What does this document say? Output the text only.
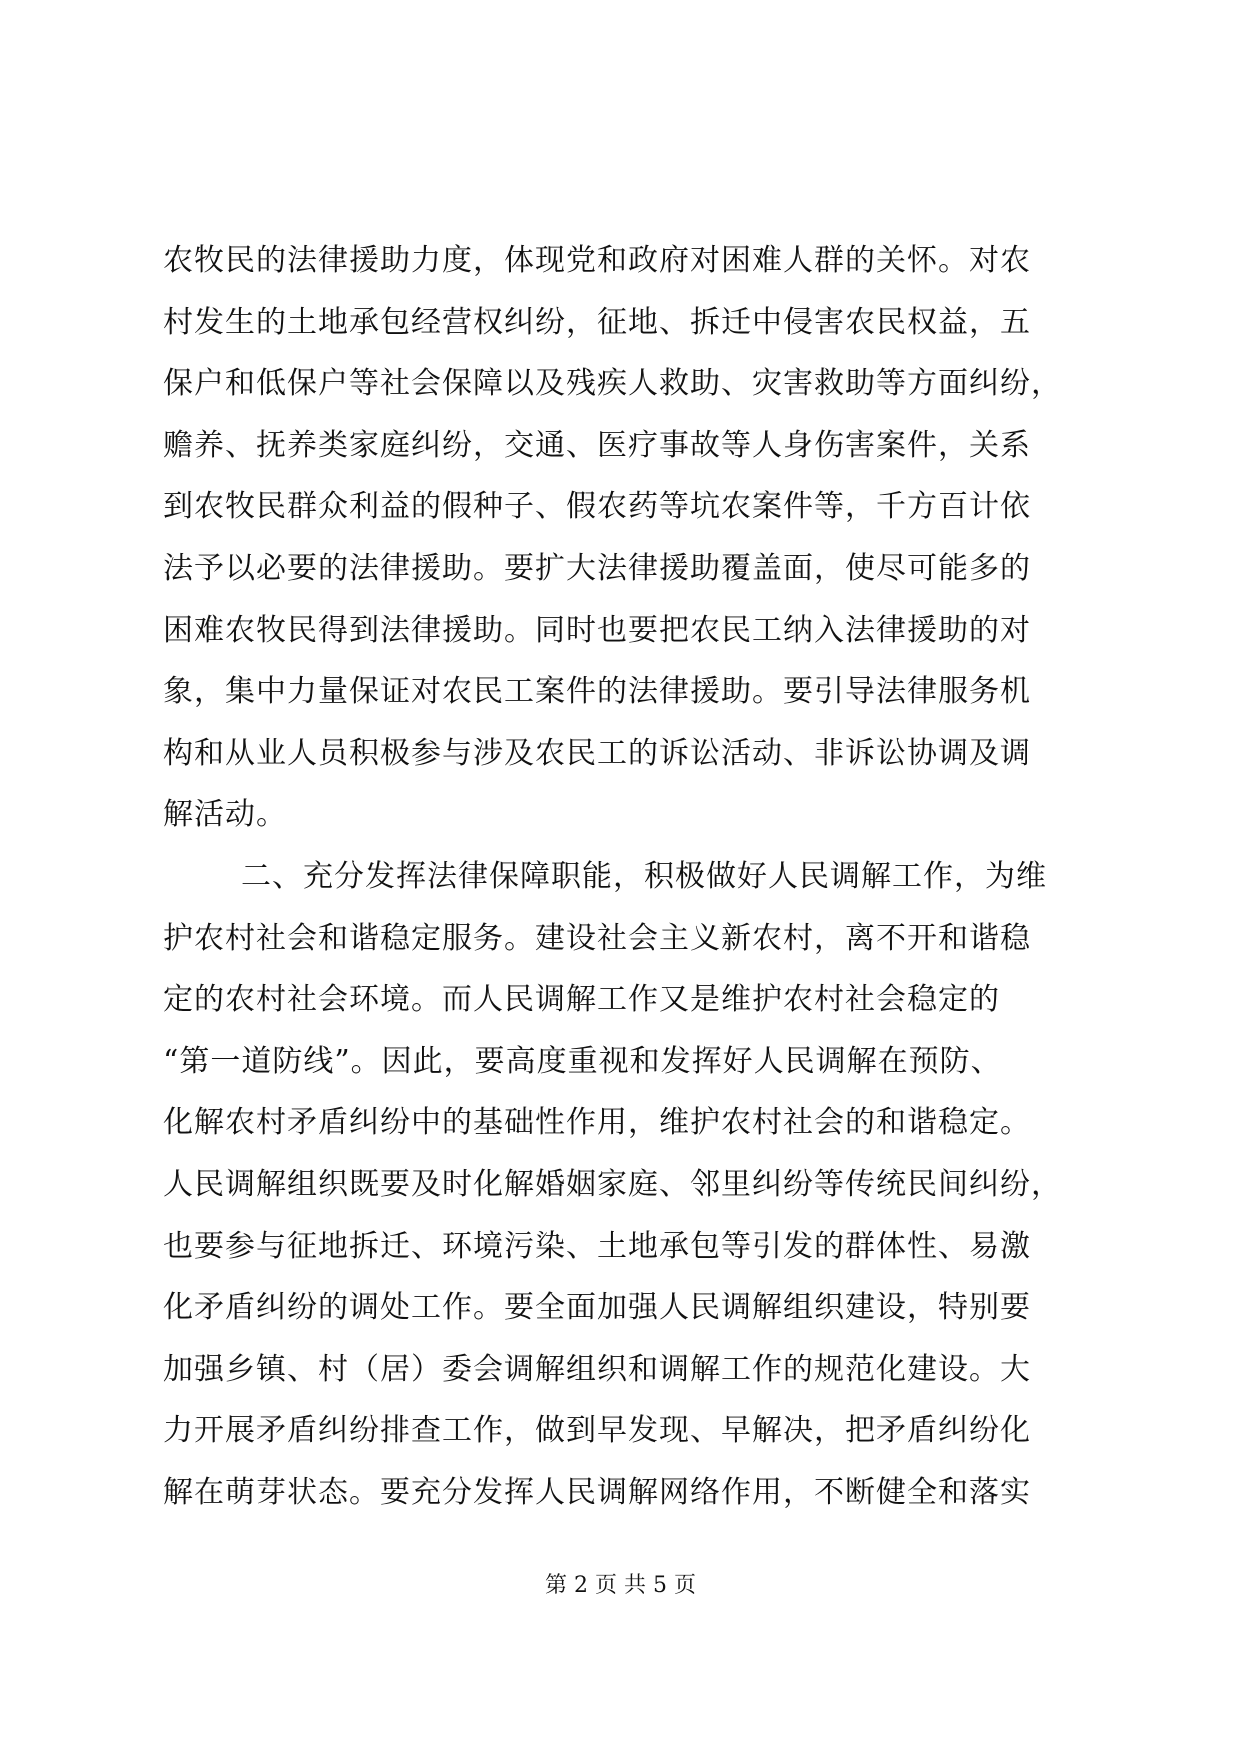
农牧民的法律援助力度，体现党和政府对困难人群的关怀。对农
村发生的土地承包经营权纠纷，征地、拆迁中侵害农民权益，五
保户和低保户等社会保障以及残疾人救助、灾害救助等方面纠纷，
赡养、抚养类家庭纠纷，交通、医疗事故等人身伤害案件，关系
到农牧民群众利益的假种子、假农药等坑农案件等，千方百计依
法予以必要的法律援助。要扩大法律援助覆盖面，使尽可能多的
困难农牧民得到法律援助。同时也要把农民工纳入法律援助的对
象，集中力量保证对农民工案件的法律援助。要引导法律服务机
构和从业人员积极参与涉及农民工的诉讼活动、非诉讼协调及调
解活动。
二、充分发挥法律保障职能，积极做好人民调解工作，为维
护农村社会和谐稳定服务。建设社会主义新农村，离不开和谐稳
定的农村社会环境。而人民调解工作又是维护农村社会稳定的
“第一道防线”。因此，要高度重视和发挥好人民调解在预防、
化解农村矛盾纠纷中的基础性作用，维护农村社会的和谐稳定。
人民调解组织既要及时化解婚姻家庭、邻里纠纷等传统民间纠纷，
也要参与征地拆迁、环境污染、土地承包等引发的群体性、易激
化矛盾纠纷的调处工作。要全面加强人民调解组织建设，特别要
加强乡镇、村（居）委会调解组织和调解工作的规范化建设。大
力开展矛盾纠纷排查工作，做到早发现、早解决，把矛盾纠纷化
解在萌芽状态。要充分发挥人民调解网络作用，不断健全和落实
第 2 页 共 5 页
